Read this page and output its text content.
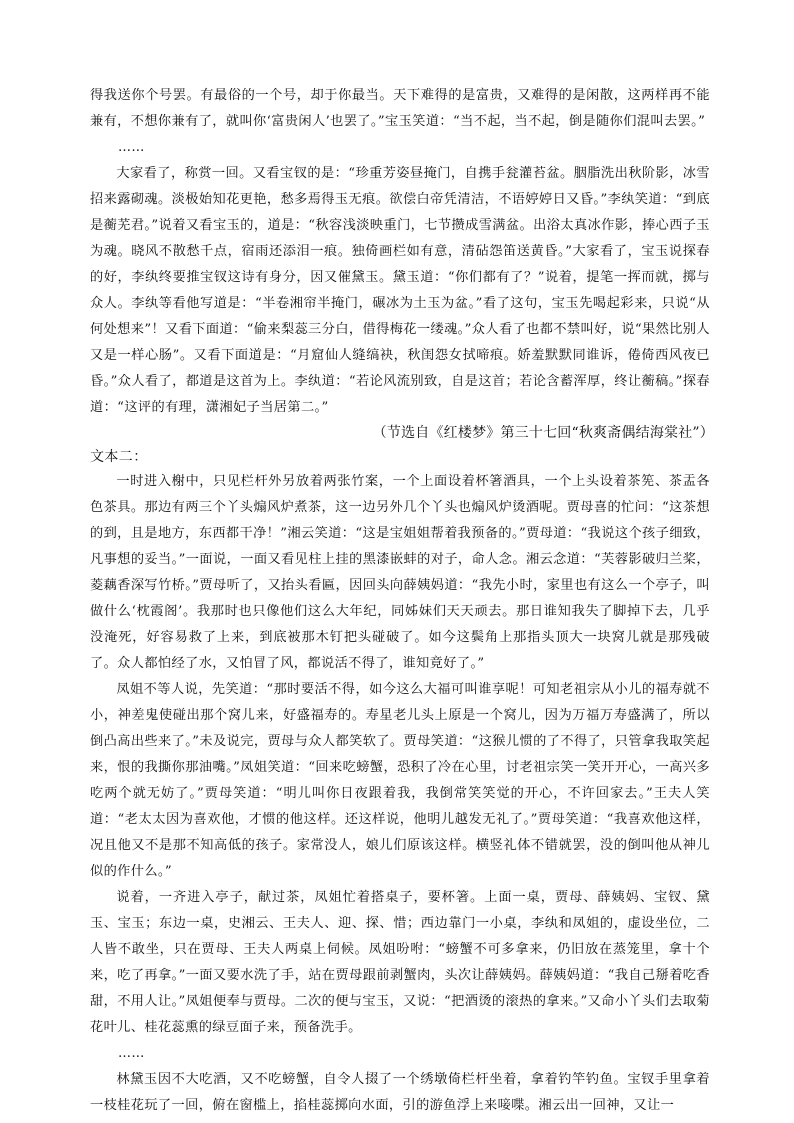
得我送你个号罢。有最俗的一个号，却于你最当。天下难得的是富贵，又难得的是闲散，这两样再不能兼有，不想你兼有了，就叫你‘富贵闲人’也罢了。”宝玉笑道：“当不起，当不起，倒是随你们混叫去罢。”

……

大家看了，称赏一回。又看宝钗的是：“珍重芳姿昼掩门，自携手瓮灌苔盆。胭脂洗出秋阶影，冰雪招来露砌魂。淡极始知花更艳，愁多焉得玉无痕。欲偿白帝凭清洁，不语婷婷日又昏。”李纨笑道：“到底是蘅芜君。”说着又看宝玉的，道是：“秋容浅淡映重门，七节攒成雪满盆。出浴太真冰作影，捧心西子玉为魂。晓风不散愁千点，宿雨还添泪一痕。独倚画栏如有意，清砧怨笛送黄昏。”大家看了，宝玉说探春的好，李纨终要推宝钗这诗有身分，因又催黛玉。黛玉道：“你们都有了？”说着，提笔一挥而就，掷与众人。李纨等看他写道是：“半卷湘帘半掩门，碾冰为土玉为盆。”看了这句，宝玉先喝起彩来，只说“从何处想来”！又看下面道：“偷来梨蕊三分白，借得梅花一缕魂。”众人看了也都不禁叫好，说“果然比别人又是一样心肠”。又看下面道是：“月窟仙人缝缟袂，秋闺怨女拭啼痕。娇羞默默同谁诉，倦倚西风夜已昏。”众人看了，都道是这首为上。李纨道：“若论风流别致，自是这首；若论含蓄浑厚，终让蘅稿。”探春道：“这评的有理，潇湘妃子当居第二。”

（节选自《红楼梦》第三十七回“秋爽斋偶结海棠社”）

文本二：

一时进入榭中，只见栏杆外另放着两张竹案，一个上面设着杯箸酒具，一个上头设着茶筅、茶盂各色茶具。那边有两三个丫头煽风炉煮茶，这一边另外几个丫头也煽风炉烫酒呢。贾母喜的忙问：“这茶想的到，且是地方，东西都干净！”湘云笑道：“这是宝姐姐帮着我预备的。”贾母道：“我说这个孩子细致，凡事想的妥当。”一面说，一面又看见柱上挂的黑漆嵌蚌的对子，命人念。湘云念道：“芙蓉影破归兰桨，菱藕香深写竹桥。”贾母听了，又抬头看匾，因回头向薛姨妈道：“我先小时，家里也有这么一个亭子，叫做什么‘枕霞阁’。我那时也只像他们这么大年纪，同姊妹们天天顽去。那日谁知我失了脚掉下去，几乎没淹死，好容易救了上来，到底被那木钉把头碰破了。如今这鬓角上那指头顶大一块窝儿就是那残破了。众人都怕经了水，又怕冒了风，都说活不得了，谁知竟好了。”

凤姐不等人说，先笑道：“那时要活不得，如今这么大福可叫谁享呢！可知老祖宗从小儿的福寿就不小，神差鬼使碰出那个窝儿来，好盛福寿的。寿星老儿头上原是一个窝儿，因为万福万寿盛满了，所以倒凸高出些来了。”未及说完，贾母与众人都笑软了。贾母笑道：“这猴儿惯的了不得了，只管拿我取笑起来，恨的我撕你那油嘴。”凤姐笑道：“回来吃螃蟹，恐积了冷在心里，讨老祖宗笑一笑开开心，一高兴多吃两个就无妨了。”贾母笑道：“明儿叫你日夜跟着我，我倒常笑笑觉的开心，不许回家去。”王夫人笑道：“老太太因为喜欢他，才惯的他这样。还这样说，他明儿越发无礼了。”贾母笑道：“我喜欢他这样，况且他又不是那不知高低的孩子。家常没人，娘儿们原该这样。横竖礼体不错就罢，没的倒叫他从神儿似的作什么。”

说着，一齐进入亭子，献过茶，凤姐忙着搭桌子，要杯箸。上面一桌，贾母、薛姨妈、宝钗、黛玉、宝玉；东边一桌，史湘云、王夫人、迎、探、惜；西边靠门一小桌，李纨和凤姐的，虚设坐位，二人皆不敢坐，只在贾母、王夫人两桌上伺候。凤姐吩咐：“螃蟹不可多拿来，仍旧放在蒸笼里，拿十个来，吃了再拿。”一面又要水洗了手，站在贾母跟前剥蟹肉，头次让薛姨妈。薛姨妈道：“我自己掰着吃香甜，不用人让。”凤姐便奉与贾母。二次的便与宝玉，又说：“把酒烫的滚热的拿来。”又命小丫头们去取菊花叶儿、桂花蕊熏的绿豆面子来，预备洗手。

……

林黛玉因不大吃酒，又不吃螃蟹，自令人掇了一个绣墩倚栏杆坐着，拿着钓竿钓鱼。宝钗手里拿着一枝桂花玩了一回，俯在窗槛上，掐桂蕊掷向水面，引的游鱼浮上来唼喋。湘云出一回神，又让一
